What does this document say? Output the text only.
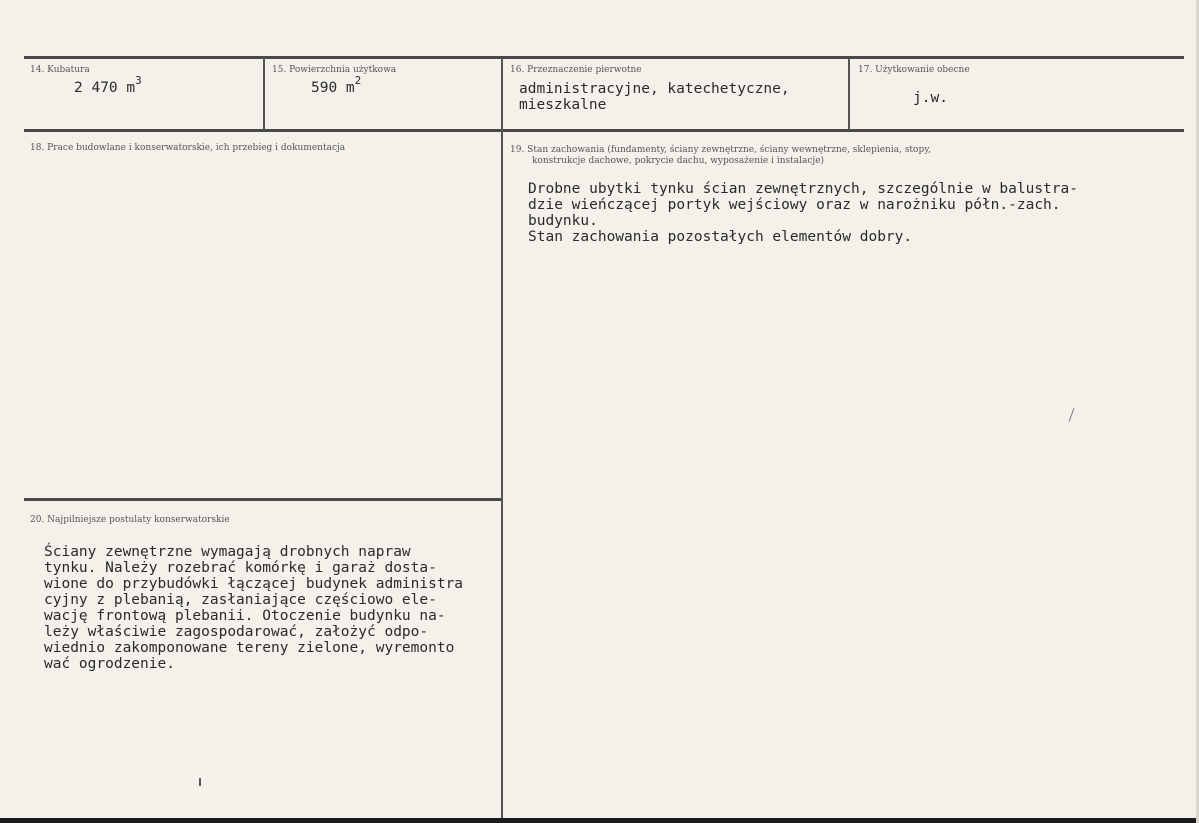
14. Kubatura
2 470 $m^3$
15. Powierzchnia użytkowa
590 $m^2$
16. Przeznaczenie pierwotne
administracyjne, katechetyczne,
mieszkalne
17. Użytkowanie obecne
j.w.
18. Prace budowlane i konserwatorskie, ich przebieg i dokumentacja	19. Stan zachowania (fundamenty, ściany zewnętrzne, ściany wewnętrzne, sklepienia, stopy,
konstrukcje dachowe, pokrycie dachu, wyposażenie i instalacje)
Drobne ubytki tynku ścian zewnętrznych, szczególnie w balustra-
dzie wieńczącej portyk wejściowy oraz w narożniku półn.-zach.
budynku.
Stan zachowania pozostałych elementów dobry.
20. Najpilniejsze postulaty konserwatorskie
Ściany zewnętrzne wymagają drobnych napraw
tynku. Należy rozebrać komórkę i garaż dosta-
wione do przybudówki łączącej budynek administra
cyjny z plebanią, zasłaniające częściowo ele-
wację frontową plebanii. Otoczenie budynku na-
leży właściwie zagospodarować, założyć odpo-
wiednio zakomponowane tereny zielone, wyremonto
wać ogrodzenie.
